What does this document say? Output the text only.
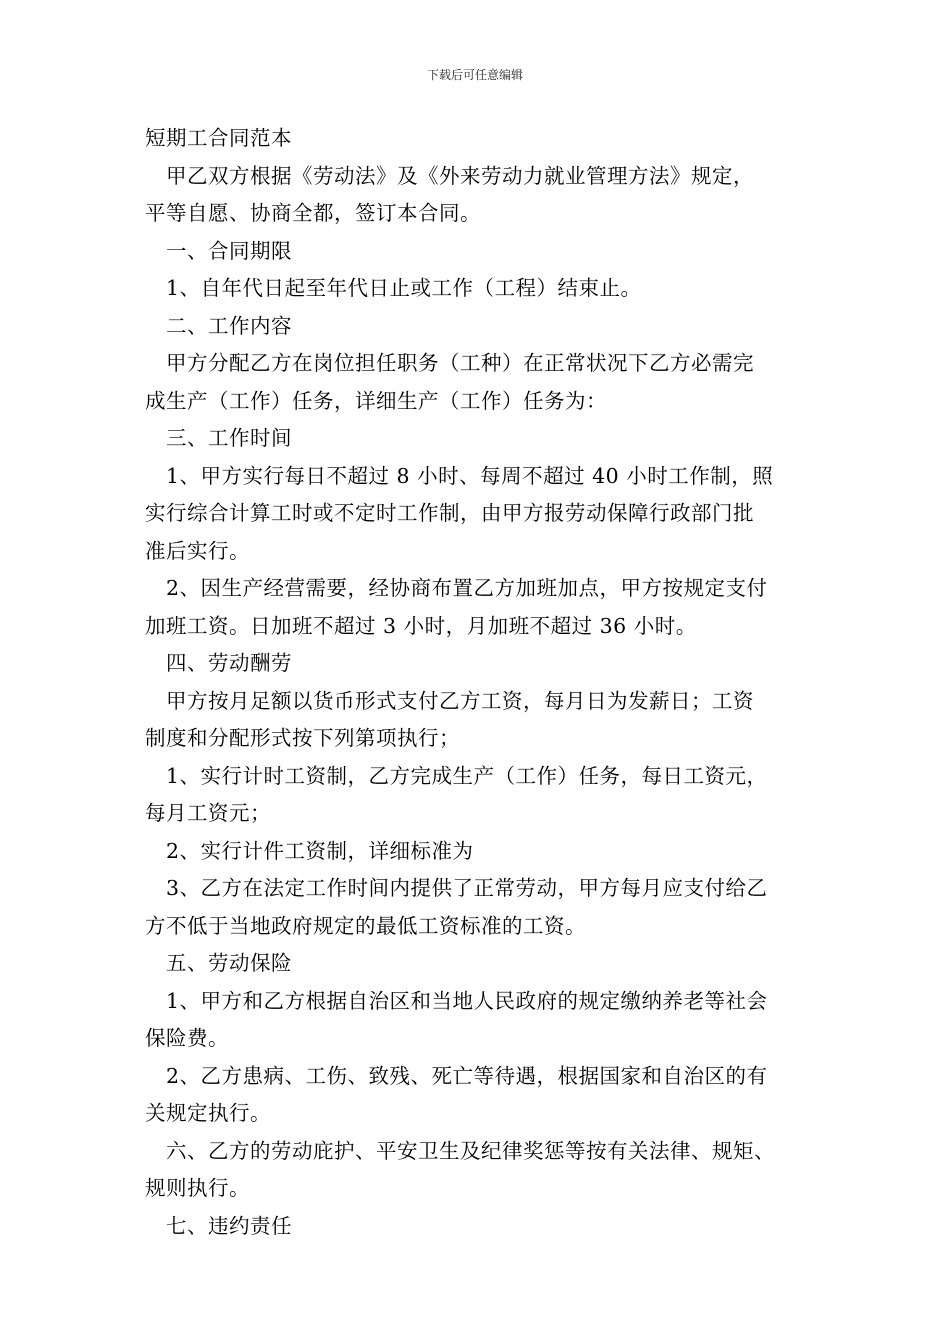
下载后可任意编辑
短期工合同范本
　甲乙双方根据《劳动法》及《外来劳动力就业管理方法》规定，
平等自愿、协商全都，签订本合同。
　一、合同期限
　1、自年代日起至年代日止或工作（工程）结束止。
　二、工作内容
　甲方分配乙方在岗位担任职务（工种）在正常状况下乙方必需完
成生产（工作）任务，详细生产（工作）任务为：
　三、工作时间
　1、甲方实行每日不超过 8 小时、每周不超过 40 小时工作制，照
实行综合计算工时或不定时工作制，由甲方报劳动保障行政部门批
准后实行。
　2、因生产经营需要，经协商布置乙方加班加点，甲方按规定支付
加班工资。日加班不超过 3 小时，月加班不超过 36 小时。
　四、劳动酬劳
　甲方按月足额以货币形式支付乙方工资，每月日为发薪日；工资
制度和分配形式按下列第项执行；
　1、实行计时工资制，乙方完成生产（工作）任务，每日工资元，
每月工资元；
　2、实行计件工资制，详细标准为
　3、乙方在法定工作时间内提供了正常劳动，甲方每月应支付给乙
方不低于当地政府规定的最低工资标准的工资。
　五、劳动保险
　1、甲方和乙方根据自治区和当地人民政府的规定缴纳养老等社会
保险费。
　2、乙方患病、工伤、致残、死亡等待遇，根据国家和自治区的有
关规定执行。
　六、乙方的劳动庇护、平安卫生及纪律奖惩等按有关法律、规矩、
规则执行。
　七、违约责任
